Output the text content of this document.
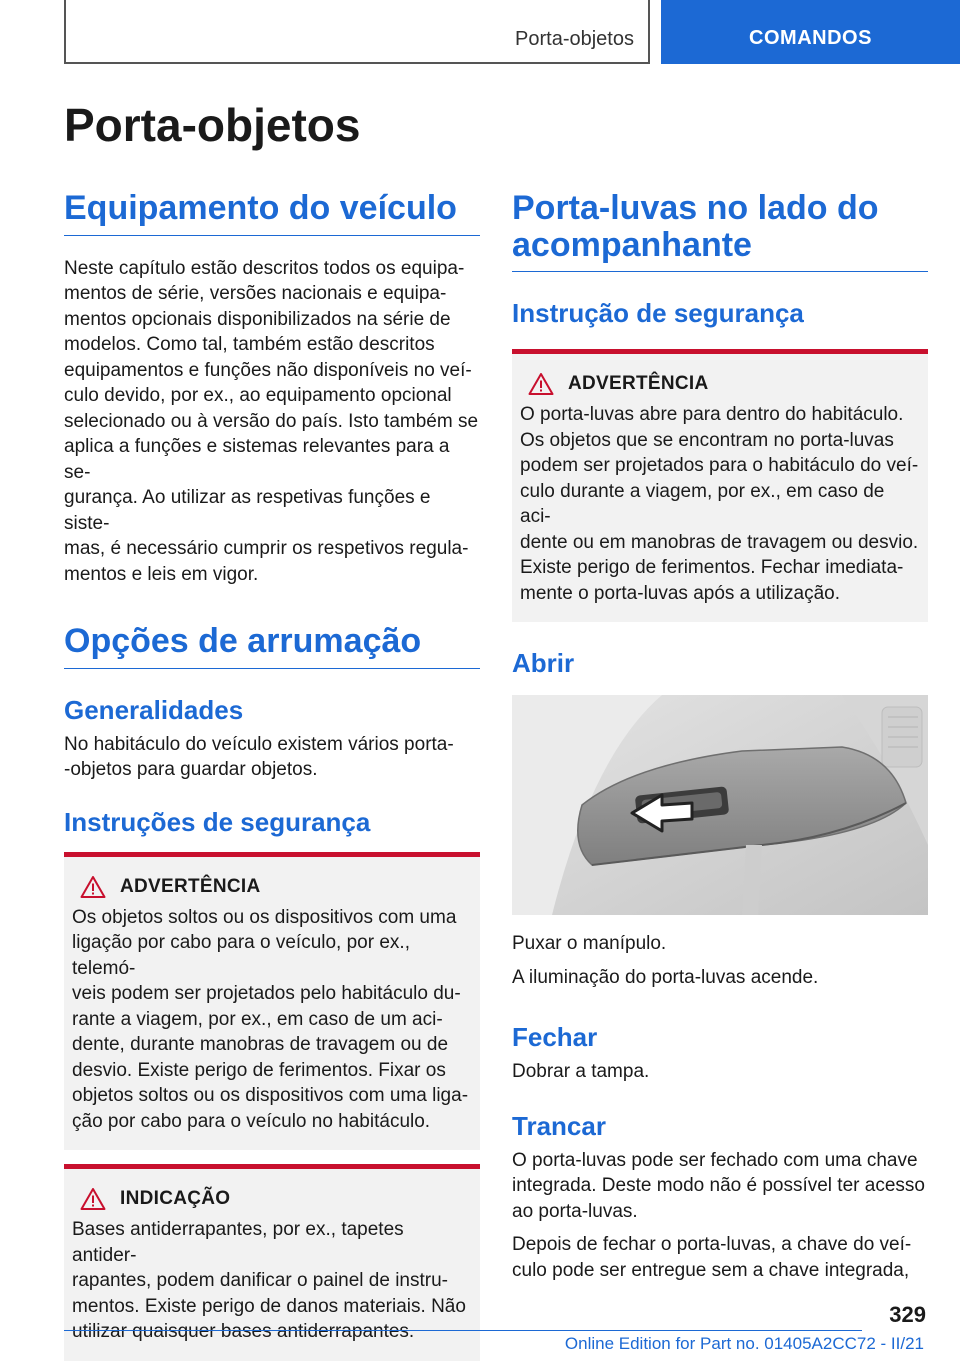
Porta-objetos	COMANDOS
Porta-objetos
Equipamento do veículo

Neste capítulo estão descritos todos os equipa-
mentos de série, versões nacionais e equipa-
mentos opcionais disponibilizados na série de
modelos. Como tal, também estão descritos
equipamentos e funções não disponíveis no veí-
culo devido, por ex., ao equipamento opcional
selecionado ou à versão do país. Isto também se
aplica a funções e sistemas relevantes para a se-
gurança. Ao utilizar as respetivas funções e siste-
mas, é necessário cumprir os respetivos regula-
mentos e leis em vigor.

Opções de arrumação
Generalidades

No habitáculo do veículo existem vários porta-
-objetos para guardar objetos.

Instruções de segurança
ADVERTÊNCIA

Os objetos soltos ou os dispositivos com uma
ligação por cabo para o veículo, por ex., telemó-
veis podem ser projetados pelo habitáculo du-
rante a viagem, por ex., em caso de um aci-
dente, durante manobras de travagem ou de
desvio. Existe perigo de ferimentos. Fixar os
objetos soltos ou os dispositivos com uma liga-
ção por cabo para o veículo no habitáculo.

INDICAÇÃO

Bases antiderrapantes, por ex., tapetes antider-
rapantes, podem danificar o painel de instru-
mentos. Existe perigo de danos materiais. Não
utilizar quaisquer bases antiderrapantes.

Porta-luvas no lado do
acompanhante
Instrução de segurança
ADVERTÊNCIA

O porta-luvas abre para dentro do habitáculo.
Os objetos que se encontram no porta-luvas
podem ser projetados para o habitáculo do veí-
culo durante a viagem, por ex., em caso de aci-
dente ou em manobras de travagem ou desvio.
Existe perigo de ferimentos. Fechar imediata-
mente o porta-luvas após a utilização.

Abrir

Puxar o manípulo.

A iluminação do porta-luvas acende.

Fechar

Dobrar a tampa.

Trancar

O porta-luvas pode ser fechado com uma chave
integrada. Deste modo não é possível ter acesso
ao porta-luvas.

Depois de fechar o porta-luvas, a chave do veí-
culo pode ser entregue sem a chave integrada,

329
Online Edition for Part no. 01405A2CC72 - II/21
